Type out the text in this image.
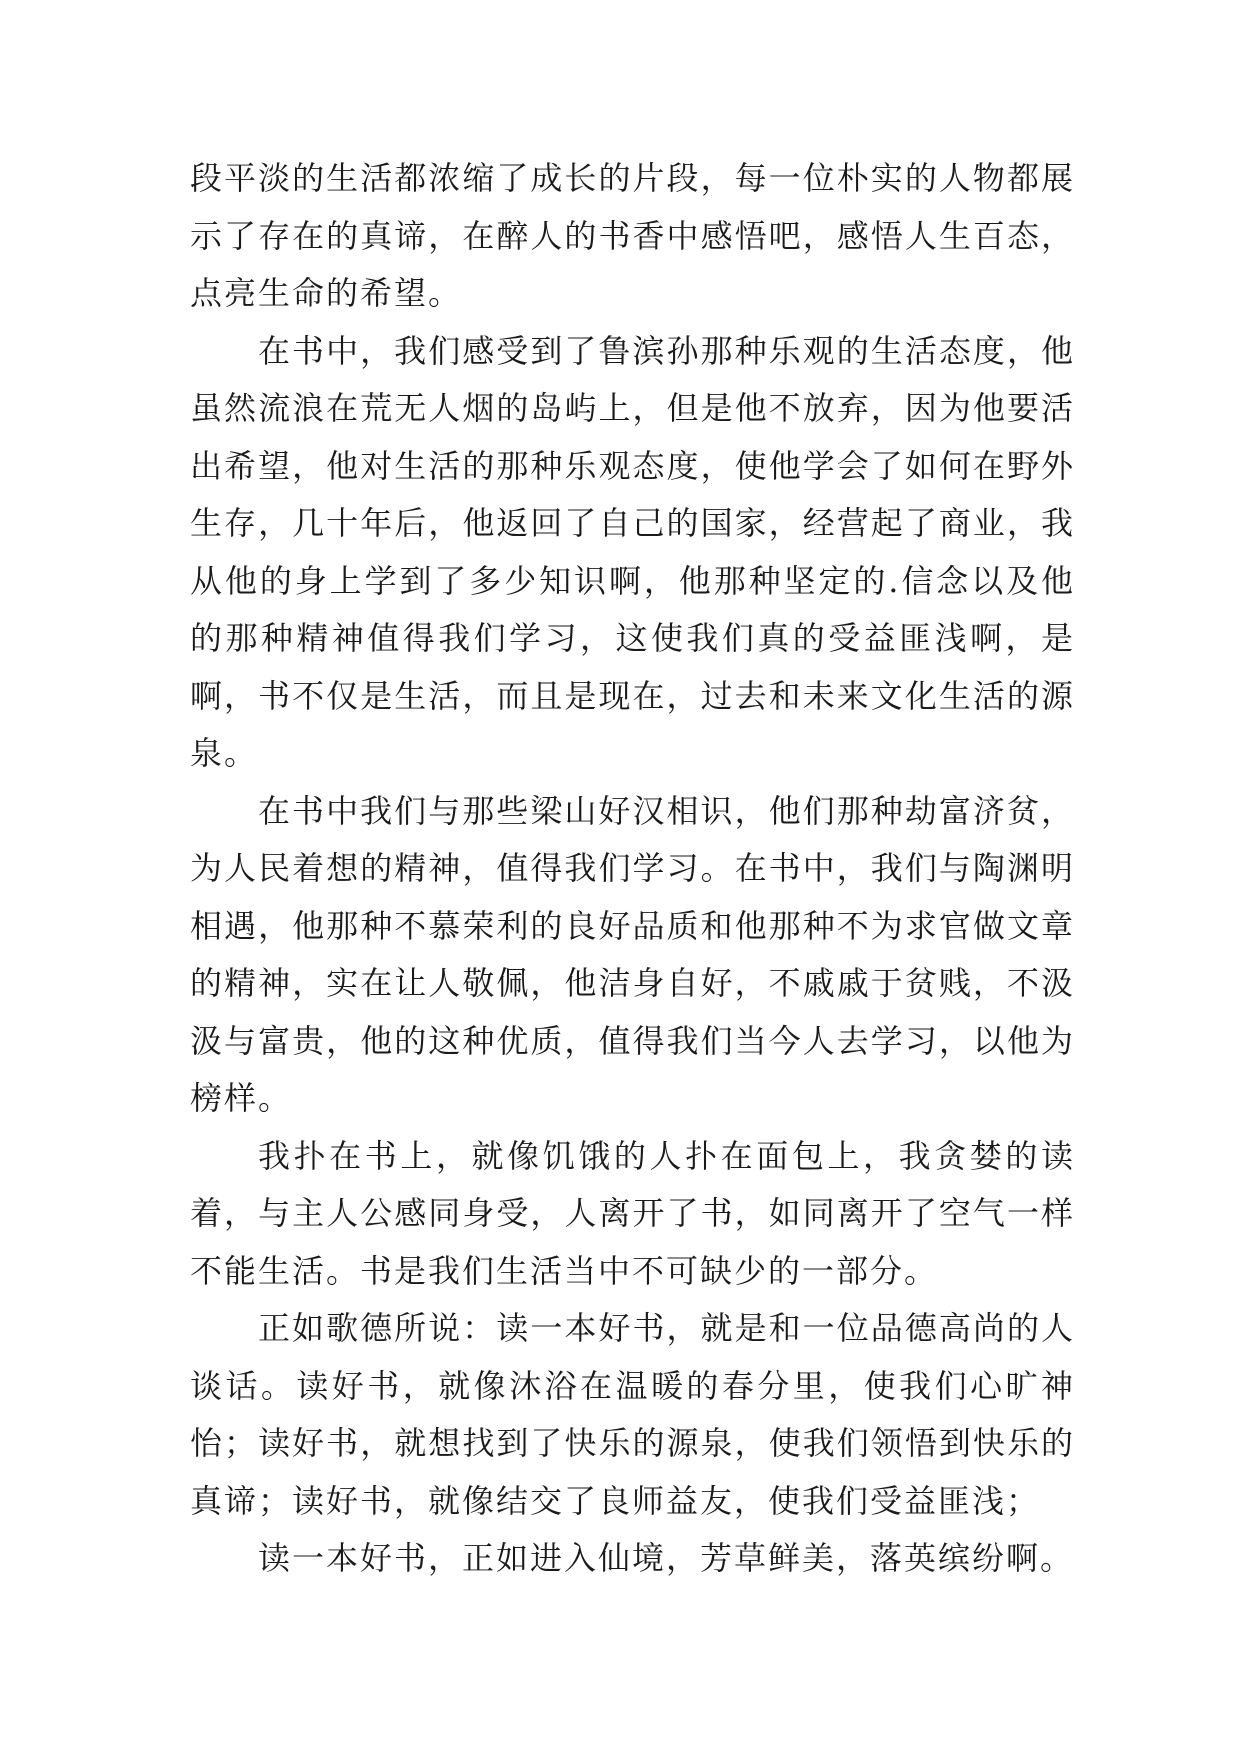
段平淡的生活都浓缩了成长的片段，每一位朴实的人物都展示了存在的真谛，在醉人的书香中感悟吧，感悟人生百态，点亮生命的希望。

在书中，我们感受到了鲁滨孙那种乐观的生活态度，他虽然流浪在荒无人烟的岛屿上，但是他不放弃，因为他要活出希望，他对生活的那种乐观态度，使他学会了如何在野外生存，几十年后，他返回了自己的国家，经营起了商业，我从他的身上学到了多少知识啊，他那种坚定的.信念以及他的那种精神值得我们学习，这使我们真的受益匪浅啊，是啊，书不仅是生活，而且是现在，过去和未来文化生活的源泉。

在书中我们与那些梁山好汉相识，他们那种劫富济贫，为人民着想的精神，值得我们学习。在书中，我们与陶渊明相遇，他那种不慕荣利的良好品质和他那种不为求官做文章的精神，实在让人敬佩，他洁身自好，不戚戚于贫贱，不汲汲与富贵，他的这种优质，值得我们当今人去学习，以他为榜样。

我扑在书上，就像饥饿的人扑在面包上，我贪婪的读着，与主人公感同身受，人离开了书，如同离开了空气一样不能生活。书是我们生活当中不可缺少的一部分。

正如歌德所说：读一本好书，就是和一位品德高尚的人谈话。读好书，就像沐浴在温暖的春分里，使我们心旷神怡；读好书，就想找到了快乐的源泉，使我们领悟到快乐的真谛；读好书，就像结交了良师益友，使我们受益匪浅；

读一本好书，正如进入仙境，芳草鲜美，落英缤纷啊。
